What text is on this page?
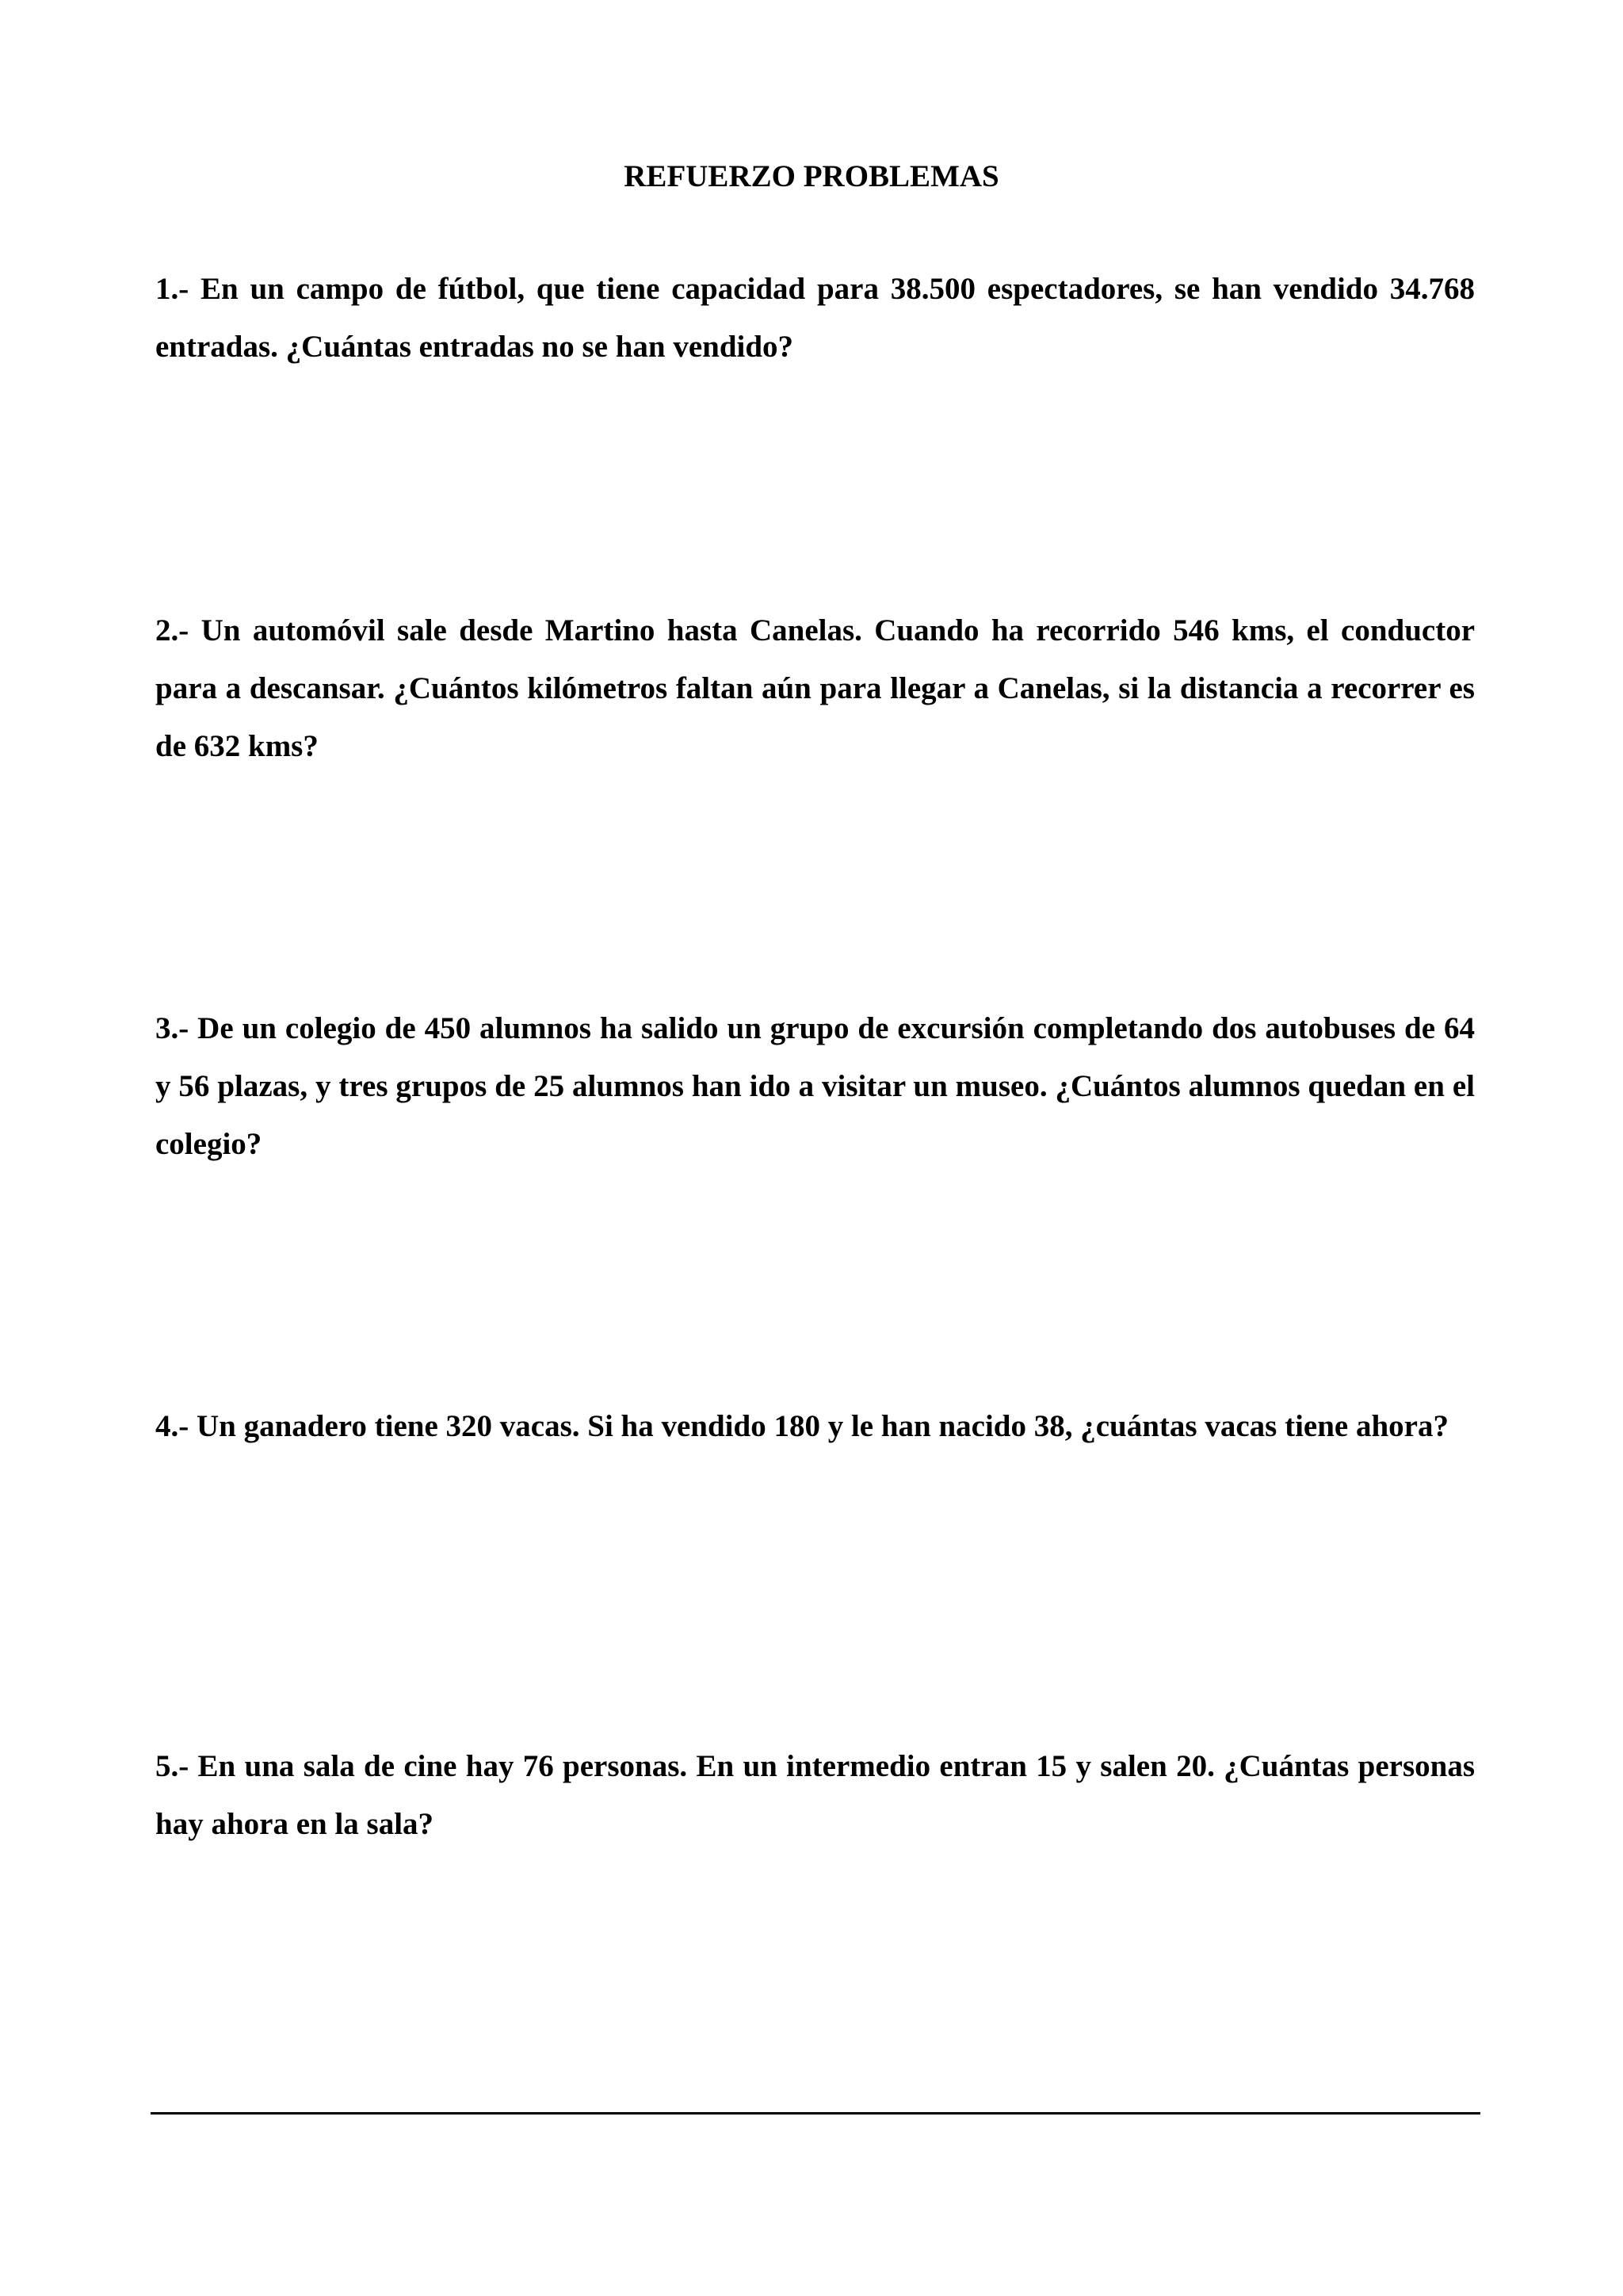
REFUERZO PROBLEMAS

1.- En un campo de fútbol, que tiene capacidad para 38.500 espectadores, se han vendido 34.768 entradas. ¿Cuántas entradas no se han vendido?

2.- Un automóvil sale desde Martino hasta Canelas. Cuando ha recorrido 546 kms, el conductor para a descansar. ¿Cuántos kilómetros faltan aún para llegar a Canelas, si la distancia a recorrer es de 632 kms?

3.- De un colegio de 450 alumnos ha salido un grupo de excursión completando dos autobuses de 64 y 56 plazas, y tres grupos de 25 alumnos han ido a visitar un museo. ¿Cuántos alumnos quedan en el colegio?

4.- Un ganadero tiene 320 vacas. Si ha vendido 180 y le han nacido 38, ¿cuántas vacas tiene ahora?

5.- En una sala de cine hay 76 personas. En un intermedio entran 15 y salen 20. ¿Cuántas personas hay ahora en la sala?
